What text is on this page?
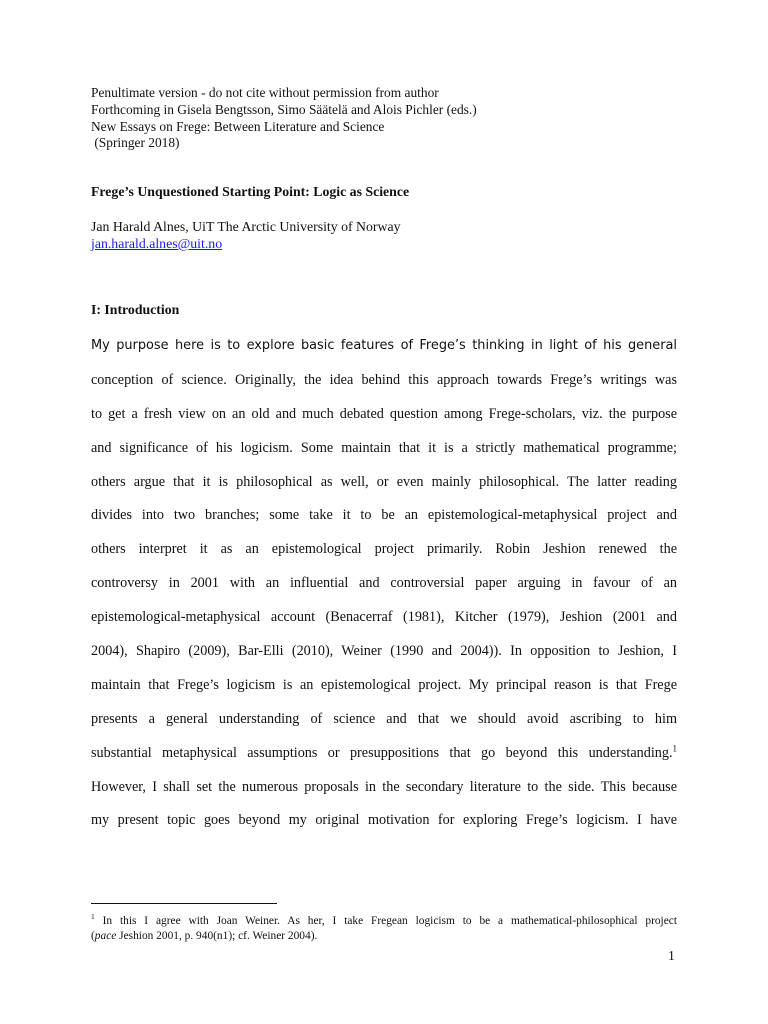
Penultimate version - do not cite without permission from author
Forthcoming in Gisela Bengtsson, Simo Säätelä and Alois Pichler (eds.)
New Essays on Frege: Between Literature and Science
(Springer 2018)
Frege’s Unquestioned Starting Point: Logic as Science
Jan Harald Alnes, UiT The Arctic University of Norway
jan.harald.alnes@uit.no
I: Introduction
My purpose here is to explore basic features of Frege’s thinking in light of his general
conception of science. Originally, the idea behind this approach towards Frege’s writings was
to get a fresh view on an old and much debated question among Frege-scholars, viz. the purpose
and significance of his logicism. Some maintain that it is a strictly mathematical programme;
others argue that it is philosophical as well, or even mainly philosophical. The latter reading
divides into two branches; some take it to be an epistemological-metaphysical project and
others interpret it as an epistemological project primarily. Robin Jeshion renewed the
controversy in 2001 with an influential and controversial paper arguing in favour of an
epistemological-metaphysical account (Benacerraf (1981), Kitcher (1979), Jeshion (2001 and
2004), Shapiro (2009), Bar-Elli (2010), Weiner (1990 and 2004)). In opposition to Jeshion, I
maintain that Frege’s logicism is an epistemological project. My principal reason is that Frege
presents a general understanding of science and that we should avoid ascribing to him
substantial metaphysical assumptions or presuppositions that go beyond this understanding.$^1$
However, I shall set the numerous proposals in the secondary literature to the side. This because
my present topic goes beyond my original motivation for exploring Frege’s logicism. I have
$^1$ In this I agree with Joan Weiner. As her, I take Fregean logicism to be a mathematical-philosophical project
(pace Jeshion 2001, p. 940(n1); cf. Weiner 2004).
1
